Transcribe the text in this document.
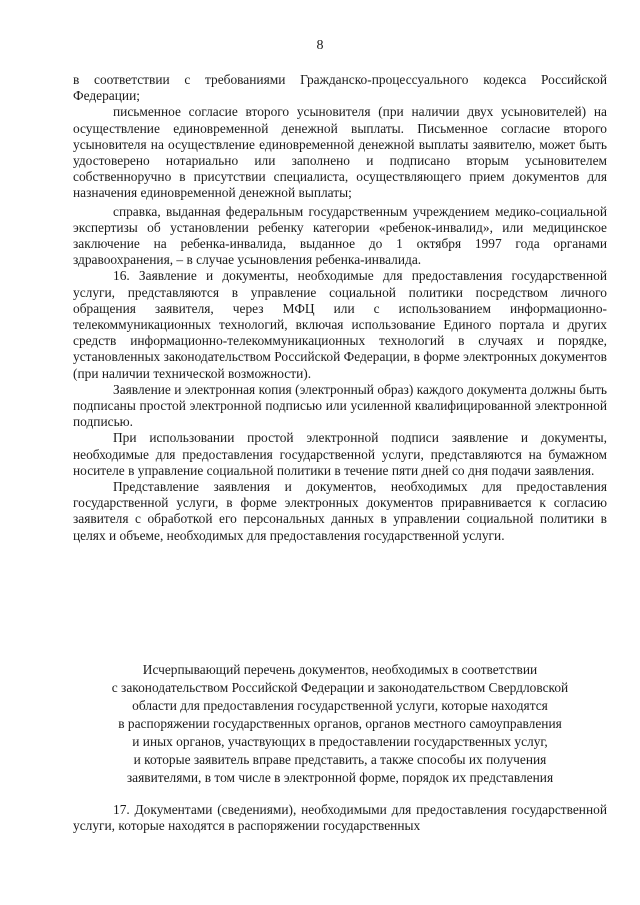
8

в соответствии с требованиями Гражданско-процессуального кодекса Российской Федерации;

письменное согласие второго усыновителя (при наличии двух усыновителей) на осуществление единовременной денежной выплаты. Письменное согласие второго усыновителя на осуществление единовременной денежной выплаты заявителю, может быть удостоверено нотариально или заполнено и подписано вторым усыновителем собственноручно в присутствии специалиста, осуществляющего прием документов для назначения единовременной денежной выплаты;

справка, выданная федеральным государственным учреждением медико-социальной экспертизы об установлении ребенку категории «ребенок-инвалид», или медицинское заключение на ребенка-инвалида, выданное до 1 октября 1997 года органами здравоохранения, – в случае усыновления ребенка-инвалида.

16. Заявление и документы, необходимые для предоставления государственной услуги, представляются в управление социальной политики посредством личного обращения заявителя, через МФЦ или с использованием информационно-телекоммуникационных технологий, включая использование Единого портала и других средств информационно-телекоммуникационных технологий в случаях и порядке, установленных законодательством Российской Федерации, в форме электронных документов (при наличии технической возможности).

Заявление и электронная копия (электронный образ) каждого документа должны быть подписаны простой электронной подписью или усиленной квалифицированной электронной подписью.

При использовании простой электронной подписи заявление и документы, необходимые для предоставления государственной услуги, представляются на бумажном носителе в управление социальной политики в течение пяти дней со дня подачи заявления.

Представление заявления и документов, необходимых для предоставления государственной услуги, в форме электронных документов приравнивается к согласию заявителя с обработкой его персональных данных в управлении социальной политики в целях и объеме, необходимых для предоставления государственной услуги.

Исчерпывающий перечень документов, необходимых в соответствии

с законодательством Российской Федерации и законодательством Свердловской

области для предоставления государственной услуги, которые находятся

в распоряжении государственных органов, органов местного самоуправления

и иных органов, участвующих в предоставлении государственных услуг,

и которые заявитель вправе представить, а также способы их получения

заявителями, в том числе в электронной форме, порядок их представления

17. Документами (сведениями), необходимыми для предоставления государственной услуги, которые находятся в распоряжении государственных
